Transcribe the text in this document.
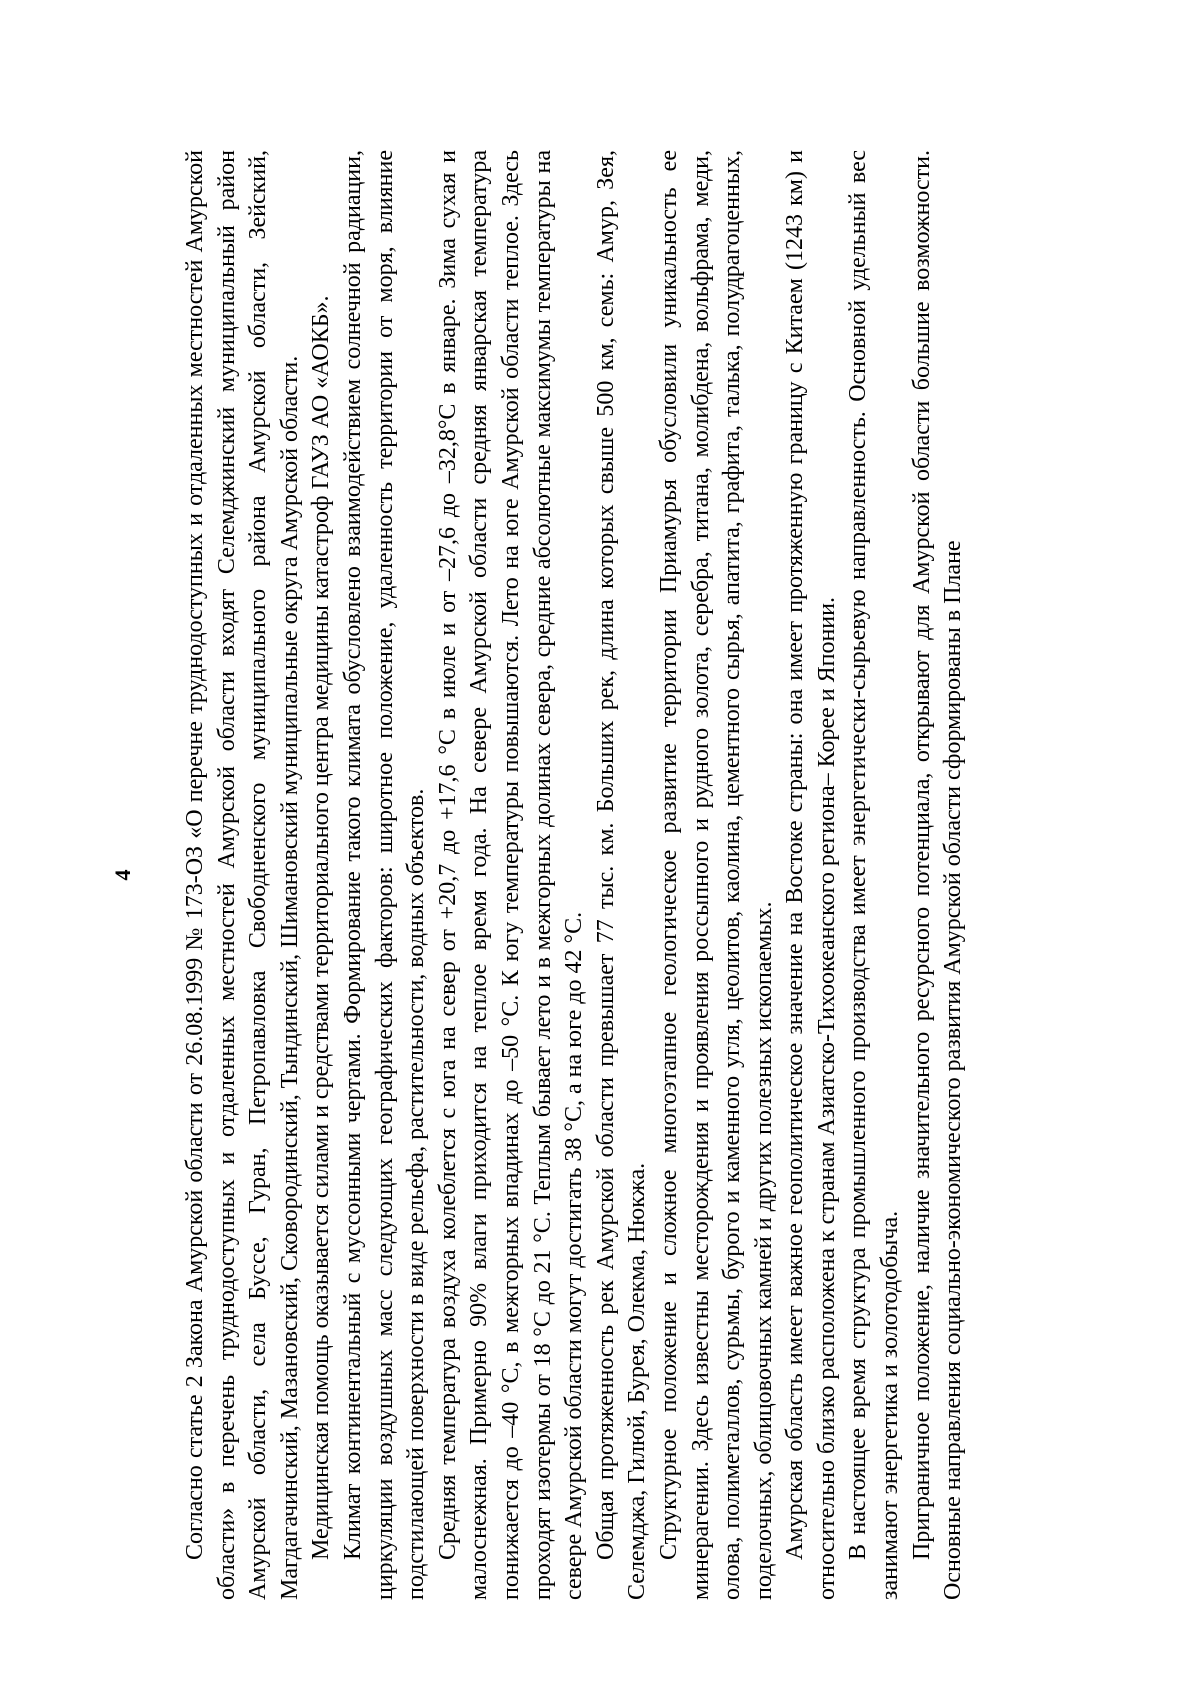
4 Согласно статье 2 Закона Амурской области от 26.08.1999 № 173-ОЗ «О перечне труднодоступных и отдаленных местностей Амурской области» в перечень труднодоступных и отдаленных местностей Амурской области входят Селемджинский муниципальный район Амурской области, села Буссе, Гуран, Петропавловка Свободненского муниципального района Амурской области, Зейский, Магдагачинский, Мазановский, Сковородинский, Тындинский, Шимановский муниципальные округа Амурской области. Медицинская помощь оказывается силами и средствами территориального центра медицины катастроф ГАУЗ АО «АОКБ». Климат континентальный с муссонными чертами. Формирование такого климата обусловлено взаимодействием солнечной радиации, циркуляции воздушных масс следующих географических факторов: широтное положение, удаленность территории от моря, влияние подстилающей поверхности в виде рельефа, растительности, водных объектов. Средняя температура воздуха колеблется с юга на север от +20,7 до +17,6 °С в июле и от –27,6 до –32,8°С в январе. Зима сухая и малоснежная. Примерно 90% влаги приходится на теплое время года. На севере Амурской области средняя январская температура понижается до –40 °С, в межгорных впадинах до –50 °С. К югу температуры повышаются. Лето на юге Амурской области теплое. Здесь проходят изотермы от 18 °С до 21 °С. Теплым бывает лето и в межгорных долинах севера, средние абсолютные максимумы температуры на севере Амурской области могут достигать 38 °С, а на юге до 42 °С. Общая протяженность рек Амурской области превышает 77 тыс. км. Больших рек, длина которых свыше 500 км, семь: Амур, Зея, Селемджа, Гилюй, Бурея, Олекма, Нюкжа. Структурное положение и сложное многоэтапное геологическое развитие территории Приамурья обусловили уникальность ее минерагении. Здесь известны месторождения и проявления россыпного и рудного золота, серебра, титана, молибдена, вольфрама, меди, олова, полиметаллов, сурьмы, бурого и каменного угля, цеолитов, каолина, цементного сырья, апатита, графита, талька, полудрагоценных, поделочных, облицовочных камней и других полезных ископаемых. Амурская область имеет важное геополитическое значение на Востоке страны: она имеет протяженную границу с Китаем (1243 км) и относительно близко расположена к странам Азиатско-Тихоокеанского региона– Корее и Японии. В настоящее время структура промышленного производства имеет энергетически-сырьевую направленность. Основной удельный вес занимают энергетика и золотодобыча. Приграничное положение, наличие значительного ресурсного потенциала, открывают для Амурской области большие возможности. Основные направления социально-экономического развития Амурской области сформированы в Плане
